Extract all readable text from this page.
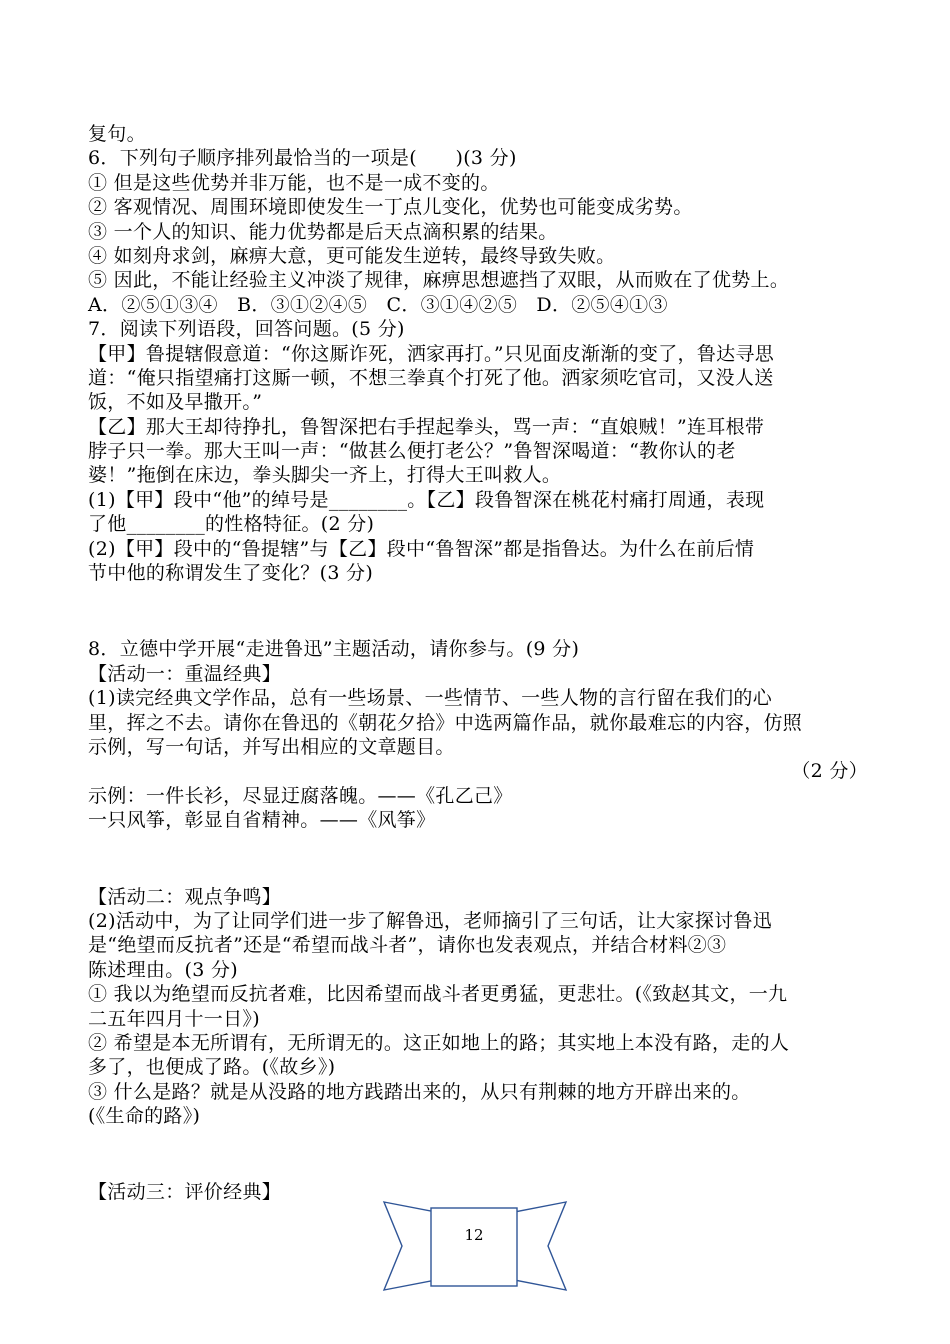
复句。
6．下列句子顺序排列最恰当的一项是(　　)(3 分)
① 但是这些优势并非万能，也不是一成不变的。
② 客观情况、周围环境即使发生一丁点儿变化，优势也可能变成劣势。
③ 一个人的知识、能力优势都是后天点滴积累的结果。
④ 如刻舟求剑，麻痹大意，更可能发生逆转，最终导致失败。
⑤ 因此，不能让经验主义冲淡了规律，麻痹思想遮挡了双眼，从而败在了优势上。
A．②⑤①③④　B．③①②④⑤　C．③①④②⑤　D．②⑤④①③
7．阅读下列语段，回答问题。(5 分)
【甲】鲁提辖假意道：“你这厮诈死，洒家再打。”只见面皮渐渐的变了，鲁达寻思
道：“俺只指望痛打这厮一顿，不想三拳真个打死了他。洒家须吃官司，又没人送
饭，不如及早撒开。”
【乙】那大王却待挣扎，鲁智深把右手捏起拳头，骂一声：“直娘贼！”连耳根带
脖子只一拳。那大王叫一声：“做甚么便打老公？”鲁智深喝道：“教你认的老
婆！”拖倒在床边，拳头脚尖一齐上，打得大王叫救人。
(1)【甲】段中“他”的绰号是________。【乙】段鲁智深在桃花村痛打周通，表现
了他________的性格特征。(2 分)
(2)【甲】段中的“鲁提辖”与【乙】段中“鲁智深”都是指鲁达。为什么在前后情
节中他的称谓发生了变化？(3 分)
8．立德中学开展“走进鲁迅”主题活动，请你参与。(9 分)
【活动一：重温经典】
(1)读完经典文学作品，总有一些场景、一些情节、一些人物的言行留在我们的心
里，挥之不去。请你在鲁迅的《朝花夕拾》中选两篇作品，就你最难忘的内容，仿照
示例，写一句话，并写出相应的文章题目。
（2 分）
示例：一件长衫，尽显迂腐落魄。——《孔乙己》
一只风筝，彰显自省精神。——《风筝》
【活动二：观点争鸣】
(2)活动中，为了让同学们进一步了解鲁迅，老师摘引了三句话，让大家探讨鲁迅
是“绝望而反抗者”还是“希望而战斗者”，请你也发表观点，并结合材料②③
陈述理由。(3 分)
① 我以为绝望而反抗者难，比因希望而战斗者更勇猛，更悲壮。(《致赵其文，一九
二五年四月十一日》)
② 希望是本无所谓有，无所谓无的。这正如地上的路；其实地上本没有路，走的人
多了，也便成了路。(《故乡》)
③ 什么是路？就是从没路的地方践踏出来的，从只有荆棘的地方开辟出来的。
(《生命的路》)
【活动三：评价经典】
12
